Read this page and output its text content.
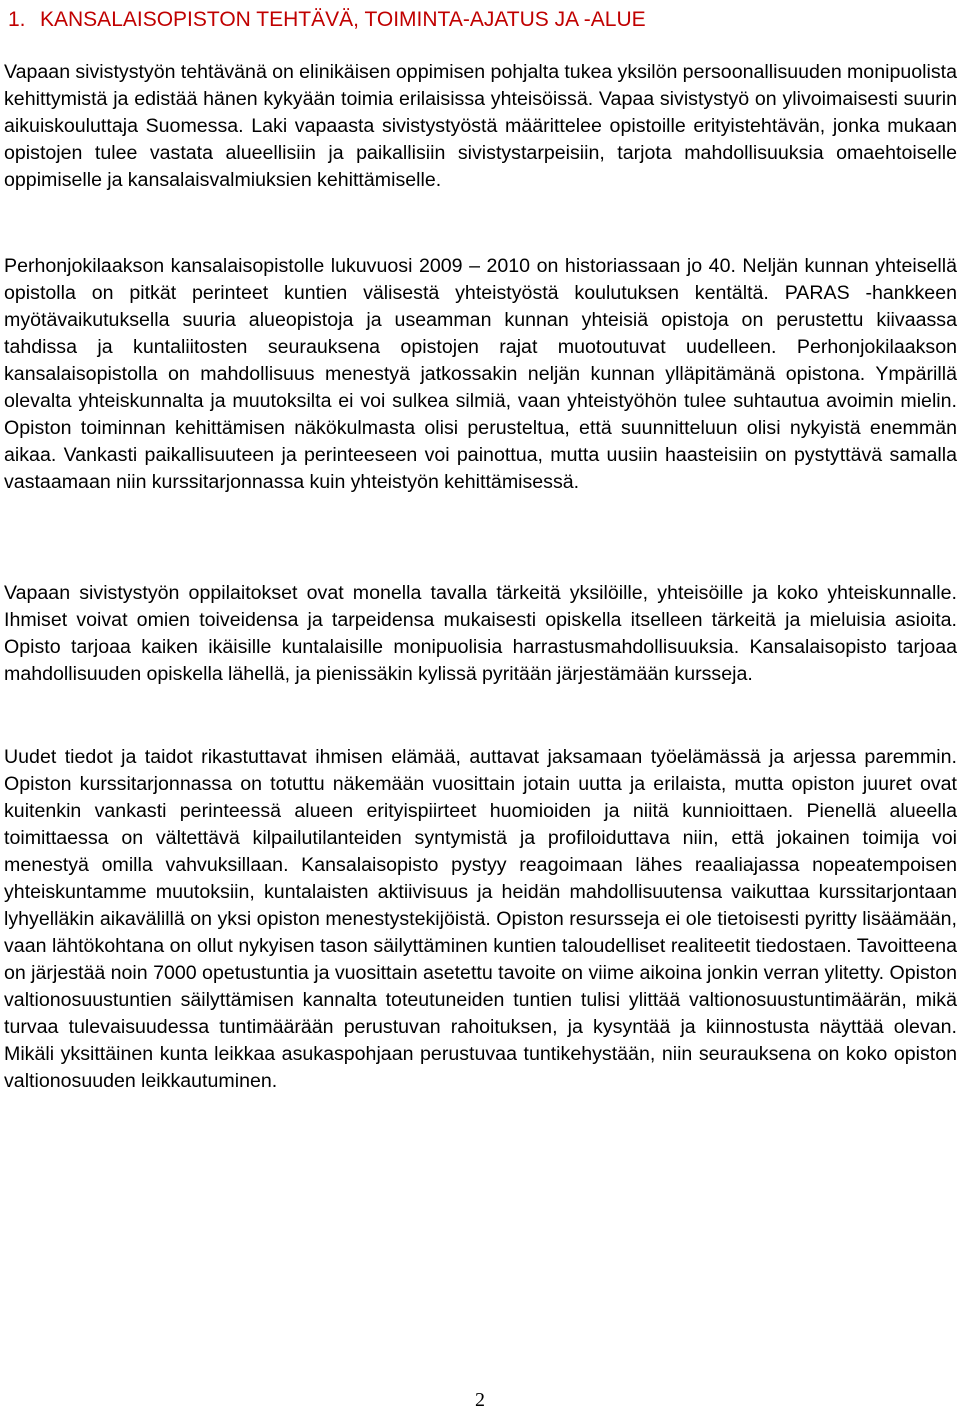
1. KANSALAISOPISTON TEHTÄVÄ, TOIMINTA-AJATUS JA -ALUE

Vapaan sivistystyön tehtävänä on elinikäisen oppimisen pohjalta tukea yksilön persoonallisuuden monipuolista kehittymistä ja edistää hänen kykyään toimia erilaisissa yhteisöissä. Vapaa sivistystyö on ylivoimaisesti suurin aikuiskouluttaja Suomessa. Laki vapaasta sivistystyöstä määrittelee opistoille erityistehtävän, jonka mukaan opistojen tulee vastata alueellisiin ja paikallisiin sivistystarpeisiin, tarjota mahdollisuuksia omaehtoiselle oppimiselle ja kansalaisvalmiuksien kehittämiselle.

Perhonjokilaakson kansalaisopistolle lukuvuosi 2009 – 2010 on historiassaan jo 40. Neljän kunnan yhteisellä opistolla on pitkät perinteet kuntien välisestä yhteistyöstä koulutuksen kentältä. PARAS -hankkeen myötävaikutuksella suuria alueopistoja ja useamman kunnan yhteisiä opistoja on perustettu kiivaassa tahdissa ja kuntaliitosten seurauksena opistojen rajat muotoutuvat uudelleen. Perhonjokilaakson kansalaisopistolla on mahdollisuus menestyä jatkossakin neljän kunnan ylläpitämänä opistona. Ympärillä olevalta yhteiskunnalta ja muutoksilta ei voi sulkea silmiä, vaan yhteistyöhön tulee suhtautua avoimin mielin. Opiston toiminnan kehittämisen näkökulmasta olisi perusteltua, että suunnitteluun olisi nykyistä enemmän aikaa. Vankasti paikallisuuteen ja perinteeseen voi painottua, mutta uusiin haasteisiin on pystyttävä samalla vastaamaan niin kurssitarjonnassa kuin yhteistyön kehittämisessä.

Vapaan sivistystyön oppilaitokset ovat monella tavalla tärkeitä yksilöille, yhteisöille ja koko yhteiskunnalle. Ihmiset voivat omien toiveidensa ja tarpeidensa mukaisesti opiskella itselleen tärkeitä ja mieluisia asioita. Opisto tarjoaa kaiken ikäisille kuntalaisille monipuolisia harrastusmahdollisuuksia. Kansalaisopisto tarjoaa mahdollisuuden opiskella lähellä, ja pienissäkin kylissä pyritään järjestämään kursseja.

Uudet tiedot ja taidot rikastuttavat ihmisen elämää, auttavat jaksamaan työelämässä ja arjessa paremmin. Opiston kurssitarjonnassa on totuttu näkemään vuosittain jotain uutta ja erilaista, mutta opiston juuret ovat kuitenkin vankasti perinteessä alueen erityispiirteet huomioiden ja niitä kunnioittaen. Pienellä alueella toimittaessa on vältettävä kilpailutilanteiden syntymistä ja profiloiduttava niin, että jokainen toimija voi menestyä omilla vahvuksillaan. Kansalaisopisto pystyy reagoimaan lähes reaaliajassa nopeatempoisen yhteiskuntamme muutoksiin, kuntalaisten aktiivisuus ja heidän mahdollisuutensa vaikuttaa kurssitarjontaan lyhyelläkin aikavälillä on yksi opiston menestystekijöistä. Opiston resursseja ei ole tietoisesti pyritty lisäämään, vaan lähtökohtana on ollut nykyisen tason säilyttäminen kuntien taloudelliset realiteetit tiedostaen. Tavoitteena on järjestää noin 7000 opetustuntia ja vuosittain asetettu tavoite on viime aikoina jonkin verran ylitetty. Opiston valtionosuustuntien säilyttämisen kannalta toteutuneiden tuntien tulisi ylittää valtionosuustuntimäärän, mikä turvaa tulevaisuudessa tuntimäärään perustuvan rahoituksen, ja kysyntää ja kiinnostusta näyttää olevan. Mikäli yksittäinen kunta leikkaa asukaspohjaan perustuvaa tuntikehystään, niin seurauksena on koko opiston valtionosuuden leikkautuminen.

2
